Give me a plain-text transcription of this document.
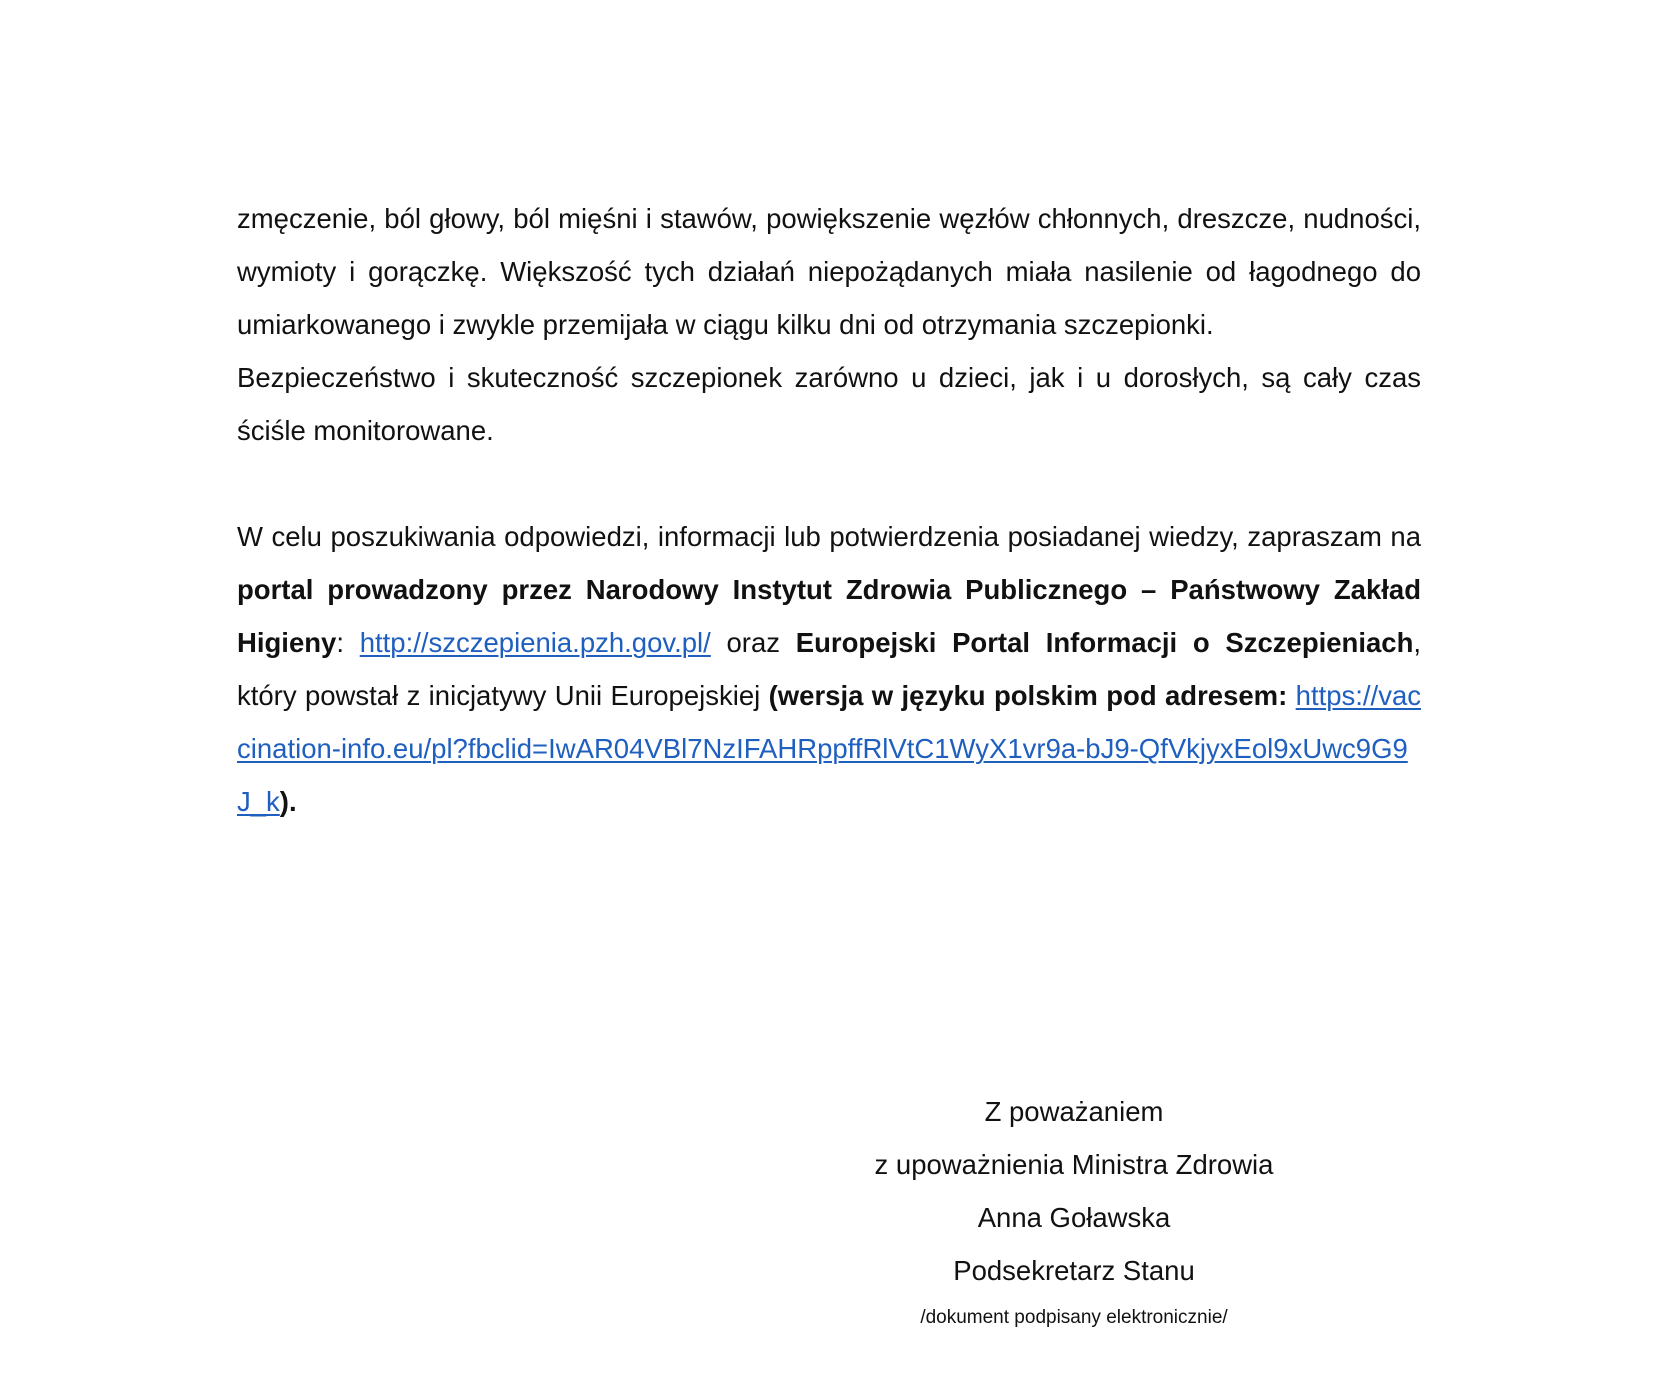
zmęczenie, ból głowy, ból mięśni i stawów, powiększenie węzłów chłonnych, dreszcze, nudności, wymioty i gorączkę. Większość tych działań niepożądanych miała nasilenie od łagodnego do umiarkowanego i zwykle przemijała w ciągu kilku dni od otrzymania szczepionki.

Bezpieczeństwo i skuteczność szczepionek zarówno u dzieci, jak i u dorosłych, są cały czas ściśle monitorowane.

W celu poszukiwania odpowiedzi, informacji lub potwierdzenia posiadanej wiedzy, zapraszam na portal prowadzony przez Narodowy Instytut Zdrowia Publicznego – Państwowy Zakład Higieny: http://szczepienia.pzh.gov.pl/ oraz Europejski Portal Informacji o Szczepieniach, który powstał z inicjatywy Unii Europejskiej (wersja w języku polskim pod adresem: https://vaccination-info.eu/pl?fbclid=IwAR04VBl7NzIFAHRppffRlVtC1WyX1vr9a-bJ9-QfVkjyxEol9xUwc9G9J_k).

Z poważaniem
z upoważnienia Ministra Zdrowia
Anna Goławska
Podsekretarz Stanu
/dokument podpisany elektronicznie/
